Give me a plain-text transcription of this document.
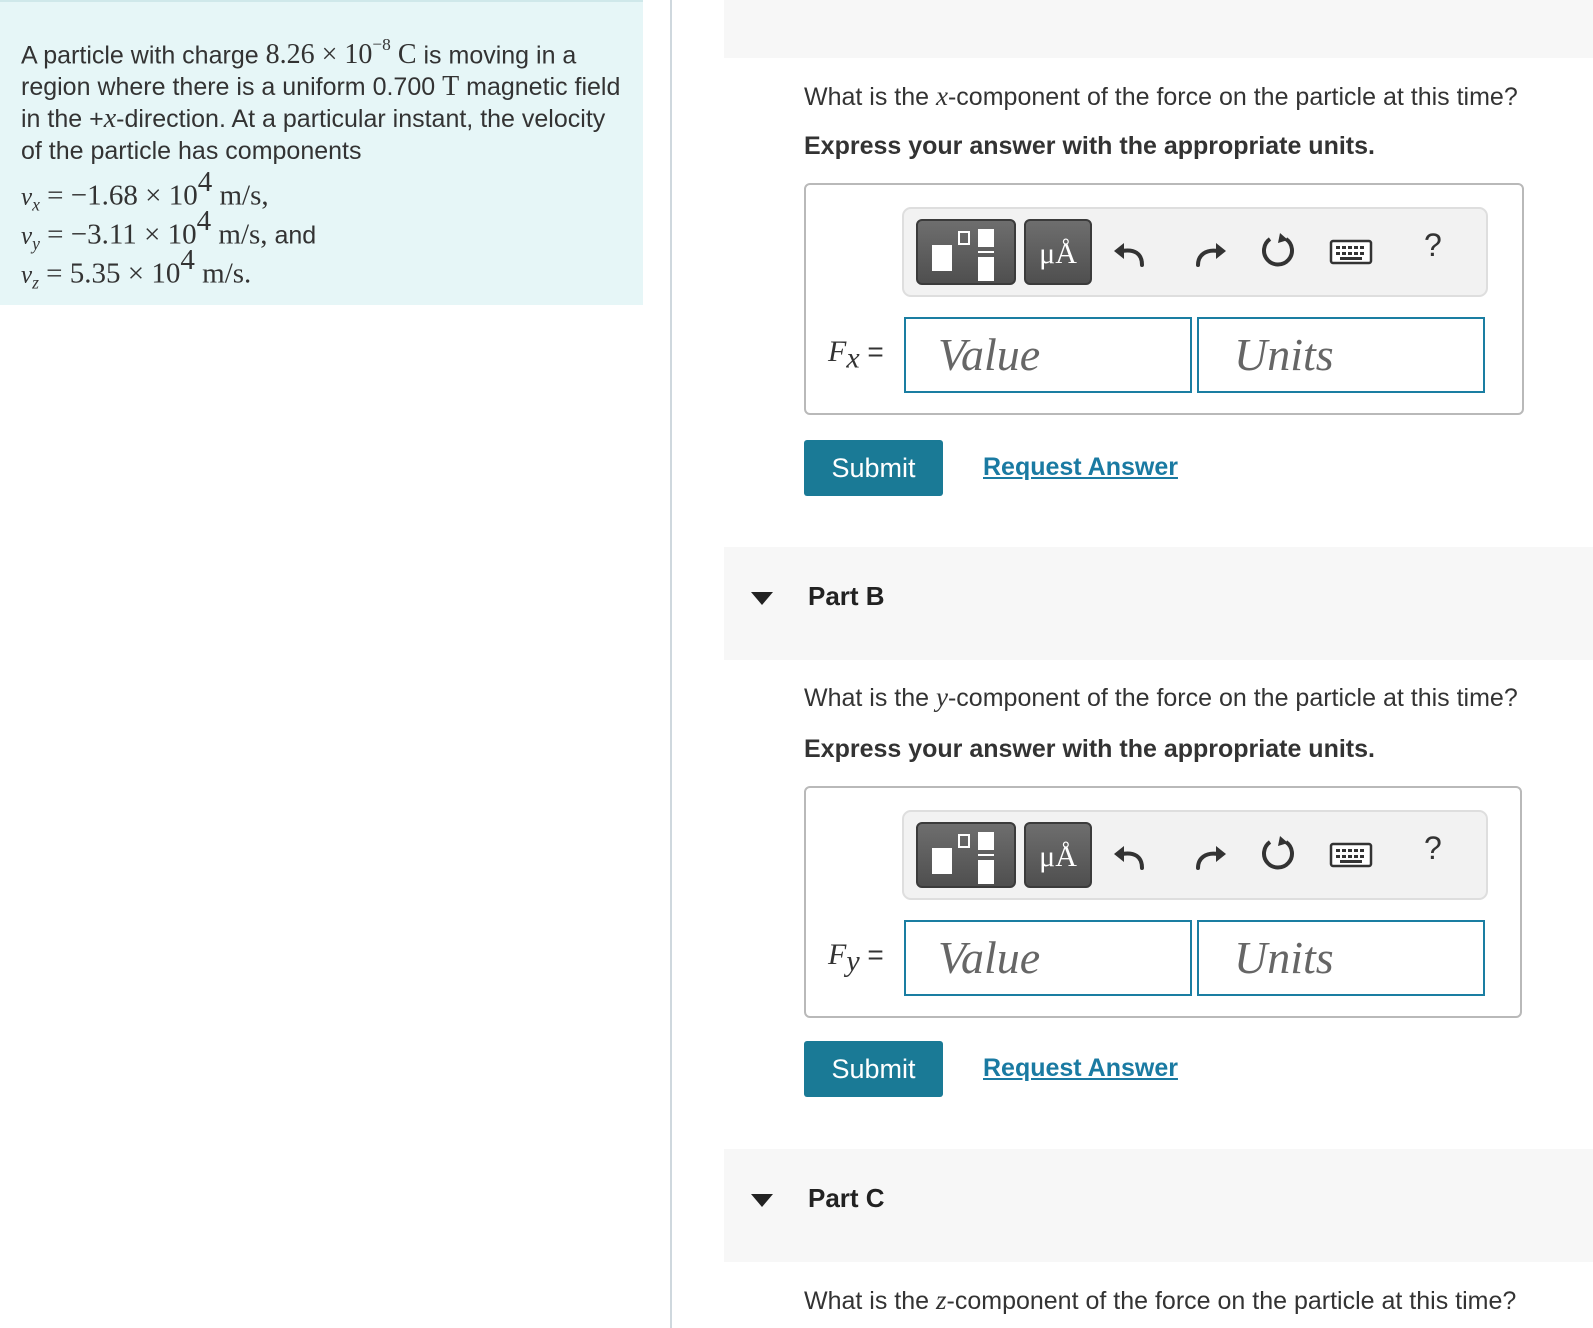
A particle with charge $8.26 \times 10^{-8}$ C is moving in a region where there is a uniform 0.700 T magnetic field in the +x-direction. At a particular instant, the velocity of the particle has components
$v_x = -1.68 \times 10^4$ m/s,
$v_y = -3.11 \times 10^4$ m/s, and
$v_z = 5.35 \times 10^4$ m/s.
What is the x-component of the force on the particle at this time?
Express your answer with the appropriate units.
μÅ	?
$F_x$ =	Value	Units
Submit	Request Answer
Part B
What is the y-component of the force on the particle at this time?
Express your answer with the appropriate units.
μÅ	?
$F_y$ =	Value	Units
Submit	Request Answer
Part C
What is the z-component of the force on the particle at this time?
